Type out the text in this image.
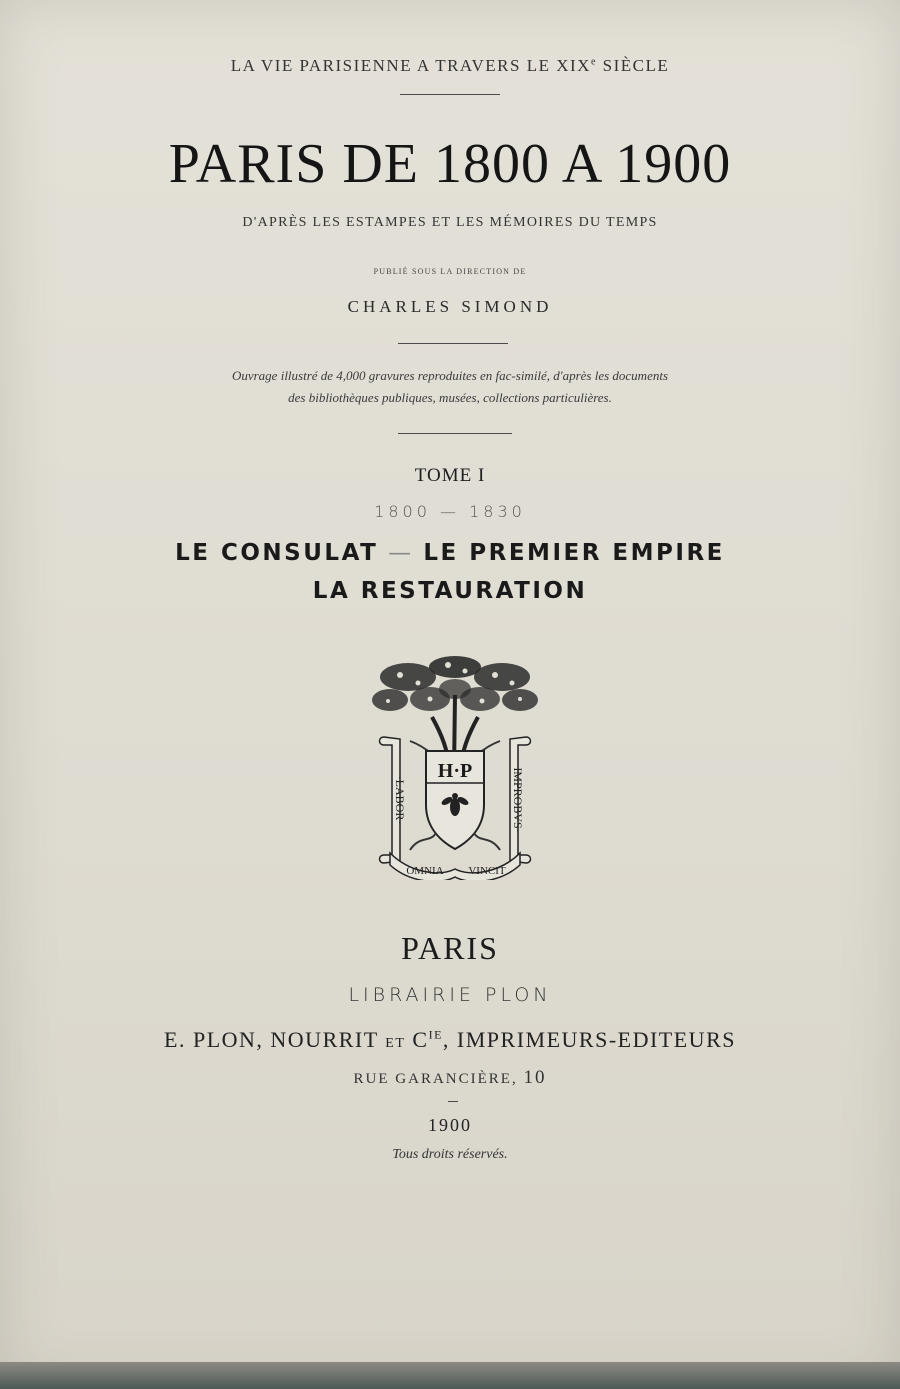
LA VIE PARISIENNE A TRAVERS LE XIXe SIÈCLE
PARIS DE 1800 A 1900
D'APRÈS LES ESTAMPES ET LES MÉMOIRES DU TEMPS
PUBLIÉ SOUS LA DIRECTION DE
CHARLES SIMOND
Ouvrage illustré de 4,000 gravures reproduites en fac-similé, d'après les documents
des bibliothèques publiques, musées, collections particulières.
TOME I
1800 — 1830
LE CONSULAT — LE PREMIER EMPIRE
LA RESTAURATION
·LABOR·	IMPROBVS·
OMNIA VINCIT
H·P
PARIS
LIBRAIRIE PLON
E. PLON, NOURRIT ET $C^{IE}$, IMPRIMEURS-EDITEURS
RUE GARANCIÈRE, 10
1900
Tous droits réservés.
